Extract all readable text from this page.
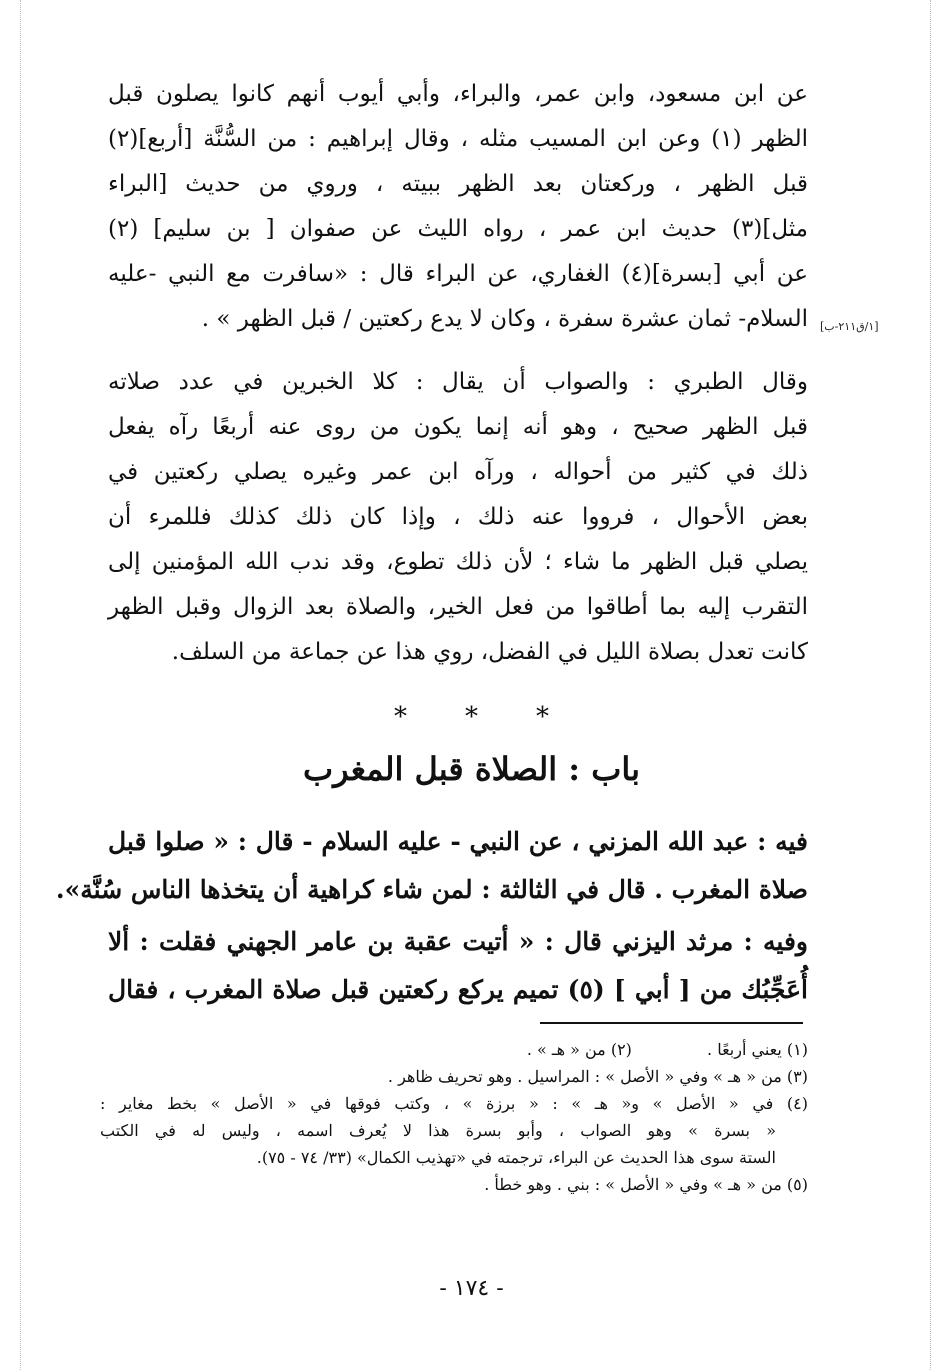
عن ابن مسعود، وابن عمر، والبراء، وأبي أيوب أنهم كانوا يصلون قبل
الظهر (١) وعن ابن المسيب مثله ، وقال إبراهيم : من السُّنَّة [أربع](٢)
قبل الظهر ، وركعتان بعد الظهر ببيته ، وروي من حديث [البراء
مثل](٣) حديث ابن عمر ، رواه الليث عن صفوان [ بن سليم] (٢)
عن أبي [بسرة](٤) الغفاري، عن البراء قال : «سافرت مع النبي -عليه
السلام- ثمان عشرة سفرة ، وكان لا يدع ركعتين / قبل الظهر » . [١/ق٢١١-ب]
وقال الطبري : والصواب أن يقال : كلا الخبرين في عدد صلاته
قبل الظهر صحيح ، وهو أنه إنما يكون من روى عنه أربعًا رآه يفعل
ذلك في كثير من أحواله ، ورآه ابن عمر وغيره يصلي ركعتين في
بعض الأحوال ، فرووا عنه ذلك ، وإذا كان ذلك كذلك فللمرء أن
يصلي قبل الظهر ما شاء ؛ لأن ذلك تطوع، وقد ندب الله المؤمنين إلى
التقرب إليه بما أطاقوا من فعل الخير، والصلاة بعد الزوال وقبل الظهر
كانت تعدل بصلاة الليل في الفضل، روي هذا عن جماعة من السلف.
***
باب : الصلاة قبل المغرب
فيه : عبد الله المزني ، عن النبي - عليه السلام - قال : « صلوا قبل
صلاة المغرب . قال في الثالثة : لمن شاء كراهية أن يتخذها الناس سُنَّة».
وفيه : مرثد اليزني قال : « أتيت عقبة بن عامر الجهني فقلت : ألا
أُعَجِّبُك من [ أبي ] (٥) تميم يركع ركعتين قبل صلاة المغرب ، فقال
(١) يعني أربعًا . (٢) من « هـ » .
(٣) من « هـ » وفي « الأصل » : المراسيل . وهو تحريف ظاهر .
(٤) في « الأصل » و« هـ » : « برزة » ، وكتب فوقها في « الأصل » بخط مغاير :
« بسرة » وهو الصواب ، وأبو بسرة هذا لا يُعرف اسمه ، وليس له في الكتب
الستة سوى هذا الحديث عن البراء، ترجمته في «تهذيب الكمال» (٣٣/ ٧٤ - ٧٥).
(٥) من « هـ » وفي « الأصل » : بني . وهو خطأ .
- ١٧٤ -
